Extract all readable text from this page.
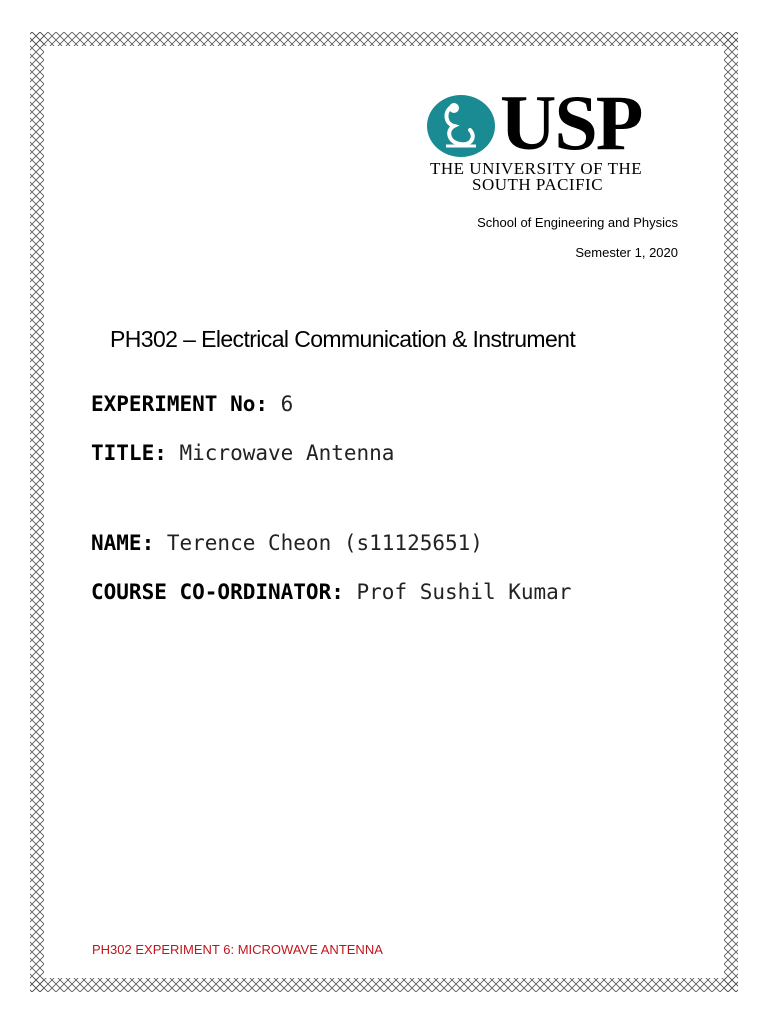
USP
THE UNIVERSITY OF THE
SOUTH PACIFIC
School of Engineering and Physics
Semester 1, 2020
PH302 – Electrical Communication & Instrument
EXPERIMENT No: 6
TITLE: Microwave Antenna
NAME: Terence Cheon (s11125651)
COURSE CO-ORDINATOR: Prof Sushil Kumar
PH302 EXPERIMENT 6: MICROWAVE ANTENNA
